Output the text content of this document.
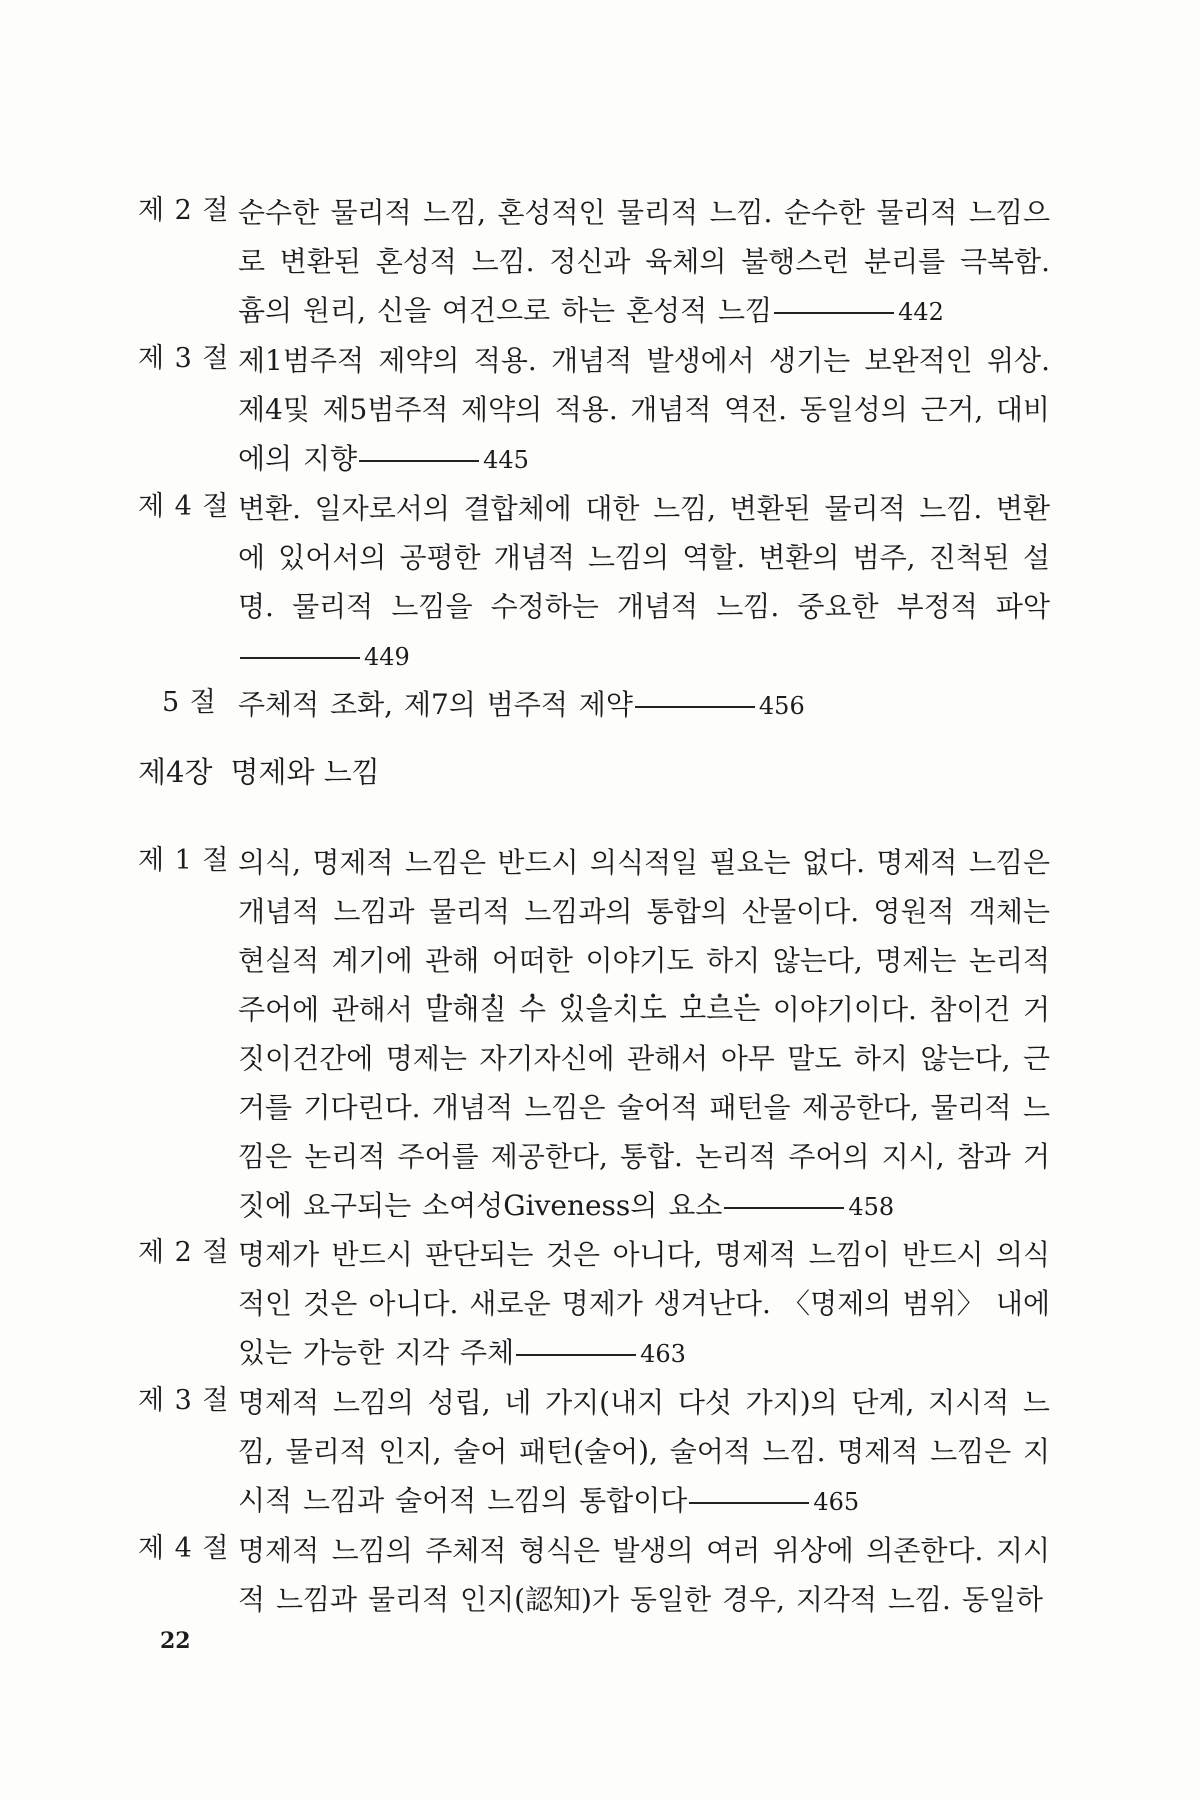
제 2 절 순수한 물리적 느낌, 혼성적인 물리적 느낌. 순수한 물리적 느낌으로 변환된 혼성적 느낌. 정신과 육체의 불행스런 분리를 극복함. 흄의 원리, 신을 여건으로 하는 혼성적 느낌	442
제 3 절 제1범주적 제약의 적용. 개념적 발생에서 생기는 보완적인 위상. 제4및 제5범주적 제약의 적용. 개념적 역전. 동일성의 근거, 대비에의 지향	445
제 4 절 변환. 일자로서의 결합체에 대한 느낌, 변환된 물리적 느낌. 변환에 있어서의 공평한 개념적 느낌의 역할. 변환의 범주, 진척된 설명. 물리적 느낌을 수정하는 개념적 느낌. 중요한 부정적 파악449
5 절 주체적 조화, 제7의 범주적 제약	456
제4장 명제와 느낌
제 1 절 의식, 명제적 느낌은 반드시 의식적일 필요는 없다. 명제적 느낌은 개념적 느낌과 물리적 느낌과의 통합의 산물이다. 영원적 객체는 현실적 계기에 관해 어떠한 이야기도 하지 않는다, 명제는 논리적 주어에 관해서 말해질 수 있을지도 모르는 이야기이다. 참이건 거짓이건간에 명제는 자기자신에 관해서 아무 말도 하지 않는다, 근거를 기다린다. 개념적 느낌은 술어적 패턴을 제공한다, 물리적 느낌은 논리적 주어를 제공한다, 통합. 논리적 주어의 지시, 참과 거짓에 요구되는 소여성Giveness의 요소	458
제 2 절 명제가 반드시 판단되는 것은 아니다, 명제적 느낌이 반드시 의식적인 것은 아니다. 새로운 명제가 생겨난다. 〈명제의 범위〉 내에 있는 가능한 지각 주체	463
제 3 절 명제적 느낌의 성립, 네 가지(내지 다섯 가지)의 단계, 지시적 느낌, 물리적 인지, 술어 패턴(술어), 술어적 느낌. 명제적 느낌은 지시적 느낌과 술어적 느낌의 통합이다	465
제 4 절 명제적 느낌의 주체적 형식은 발생의 여러 위상에 의존한다. 지시적 느낌과 물리적 인지(認知)가 동일한 경우, 지각적 느낌. 동일하
22
